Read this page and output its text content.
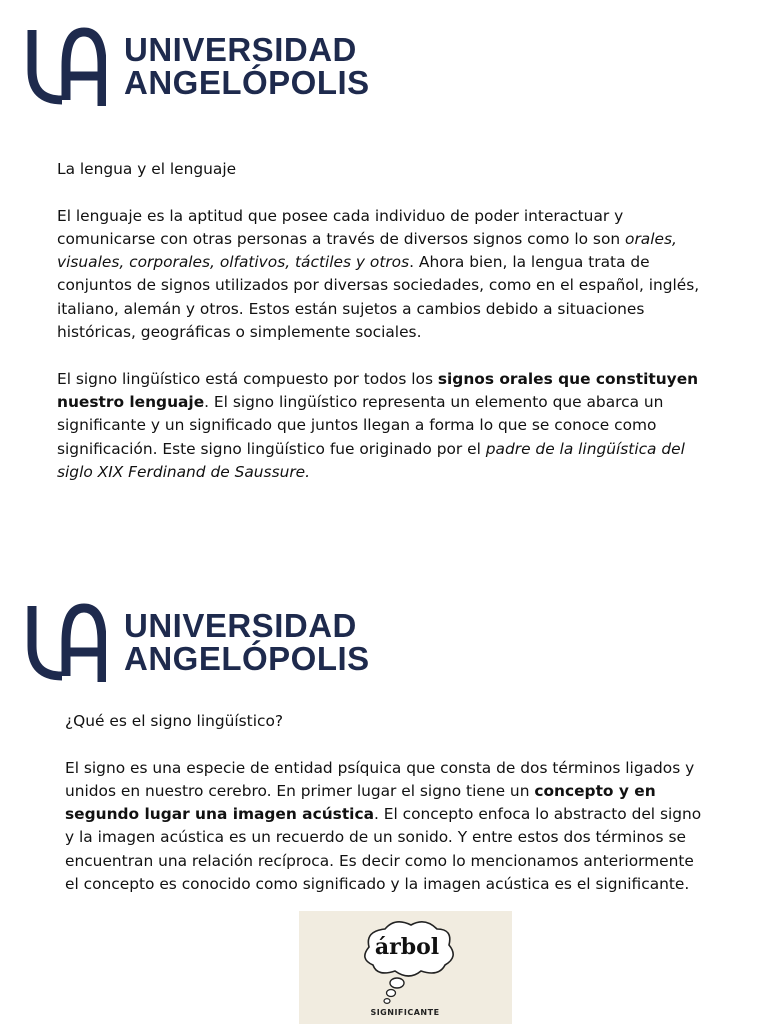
UNIVERSIDAD
ANGELÓPOLIS

La lengua y el lenguaje

El lenguaje es la aptitud que posee cada individuo de poder interactuar y comunicarse con otras personas a través de diversos signos como lo son orales, visuales, corporales, olfativos, táctiles y otros. Ahora bien, la lengua trata de conjuntos de signos utilizados por diversas sociedades, como en el español, inglés, italiano, alemán y otros. Estos están sujetos a cambios debido a situaciones históricas, geográficas o simplemente sociales.

El signo lingüístico está compuesto por todos los signos orales que constituyen nuestro lenguaje. El signo lingüístico representa un elemento que abarca un significante y un significado que juntos llegan a forma lo que se conoce como significación. Este signo lingüístico fue originado por el padre de la lingüística del siglo XIX Ferdinand de Saussure.

UNIVERSIDAD
ANGELÓPOLIS

¿Qué es el signo lingüístico?

El signo es una especie de entidad psíquica que consta de dos términos ligados y unidos en nuestro cerebro. En primer lugar el signo tiene un concepto y en segundo lugar una imagen acústica. El concepto enfoca lo abstracto del signo y la imagen acústica es un recuerdo de un sonido. Y entre estos dos términos se encuentran una relación recíproca. Es decir como lo mencionamos anteriormente el concepto es conocido como significado y la imagen acústica es el significante.

árbol
SIGNIFICANTE
